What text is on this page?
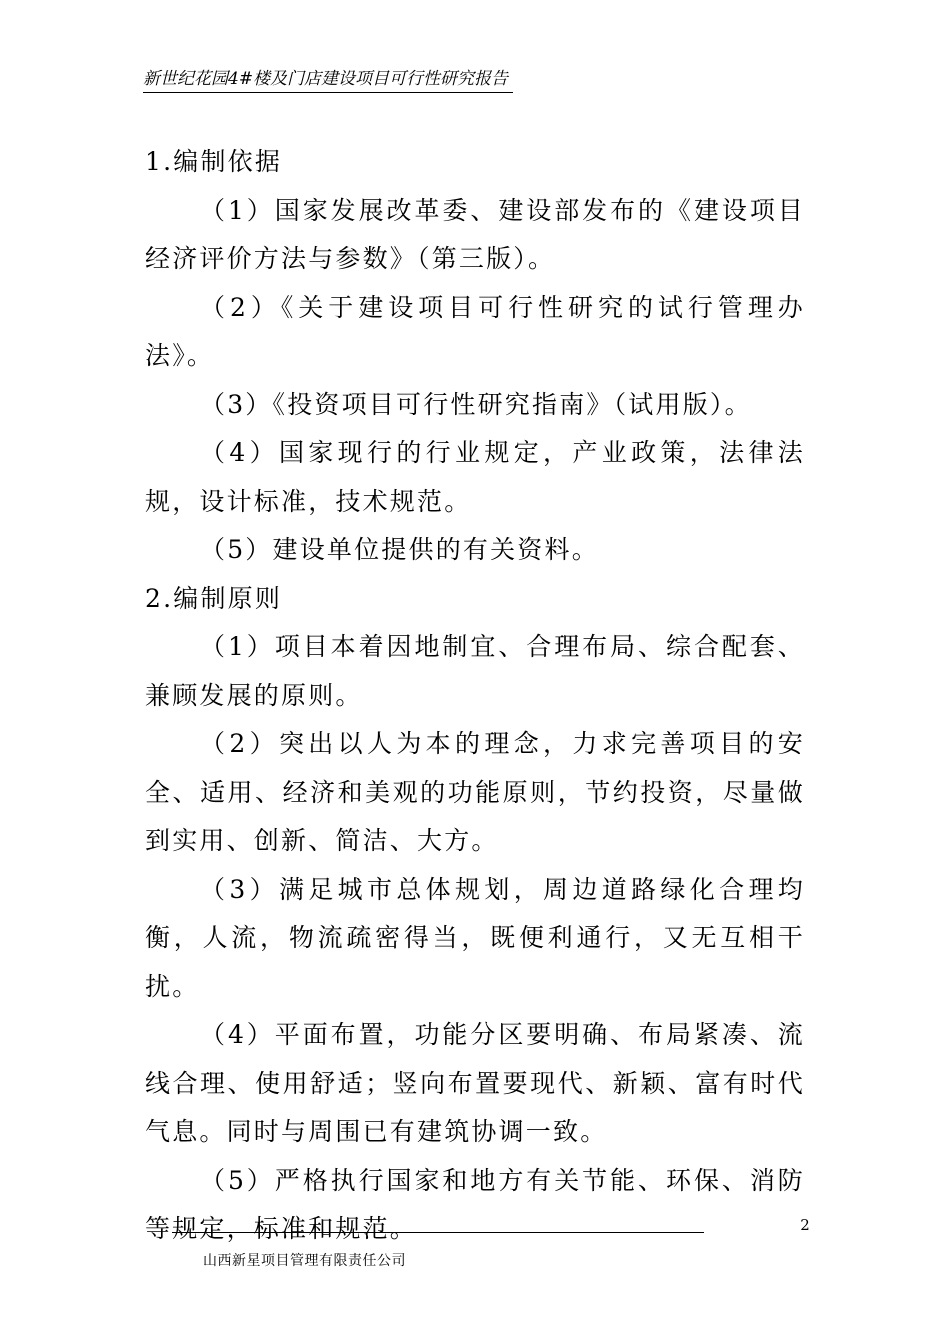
新世纪花园4#楼及门店建设项目可行性研究报告

1.编制依据

（1）国家发展改革委、建设部发布的《建设项目经济评价方法与参数》（第三版）。

（2）《关于建设项目可行性研究的试行管理办法》。

（3）《投资项目可行性研究指南》（试用版）。

（4）国家现行的行业规定，产业政策，法律法规，设计标准，技术规范。

（5）建设单位提供的有关资料。

2.编制原则

（1）项目本着因地制宜、合理布局、综合配套、兼顾发展的原则。

（2）突出以人为本的理念，力求完善项目的安全、适用、经济和美观的功能原则，节约投资，尽量做到实用、创新、简洁、大方。

（3）满足城市总体规划，周边道路绿化合理均衡，人流，物流疏密得当，既便利通行，又无互相干扰。

（4）平面布置，功能分区要明确、布局紧凑、流线合理、使用舒适；竖向布置要现代、新颖、富有时代气息。同时与周围已有建筑协调一致。

（5）严格执行国家和地方有关节能、环保、消防等规定，标准和规范。	2
山西新星项目管理有限责任公司
